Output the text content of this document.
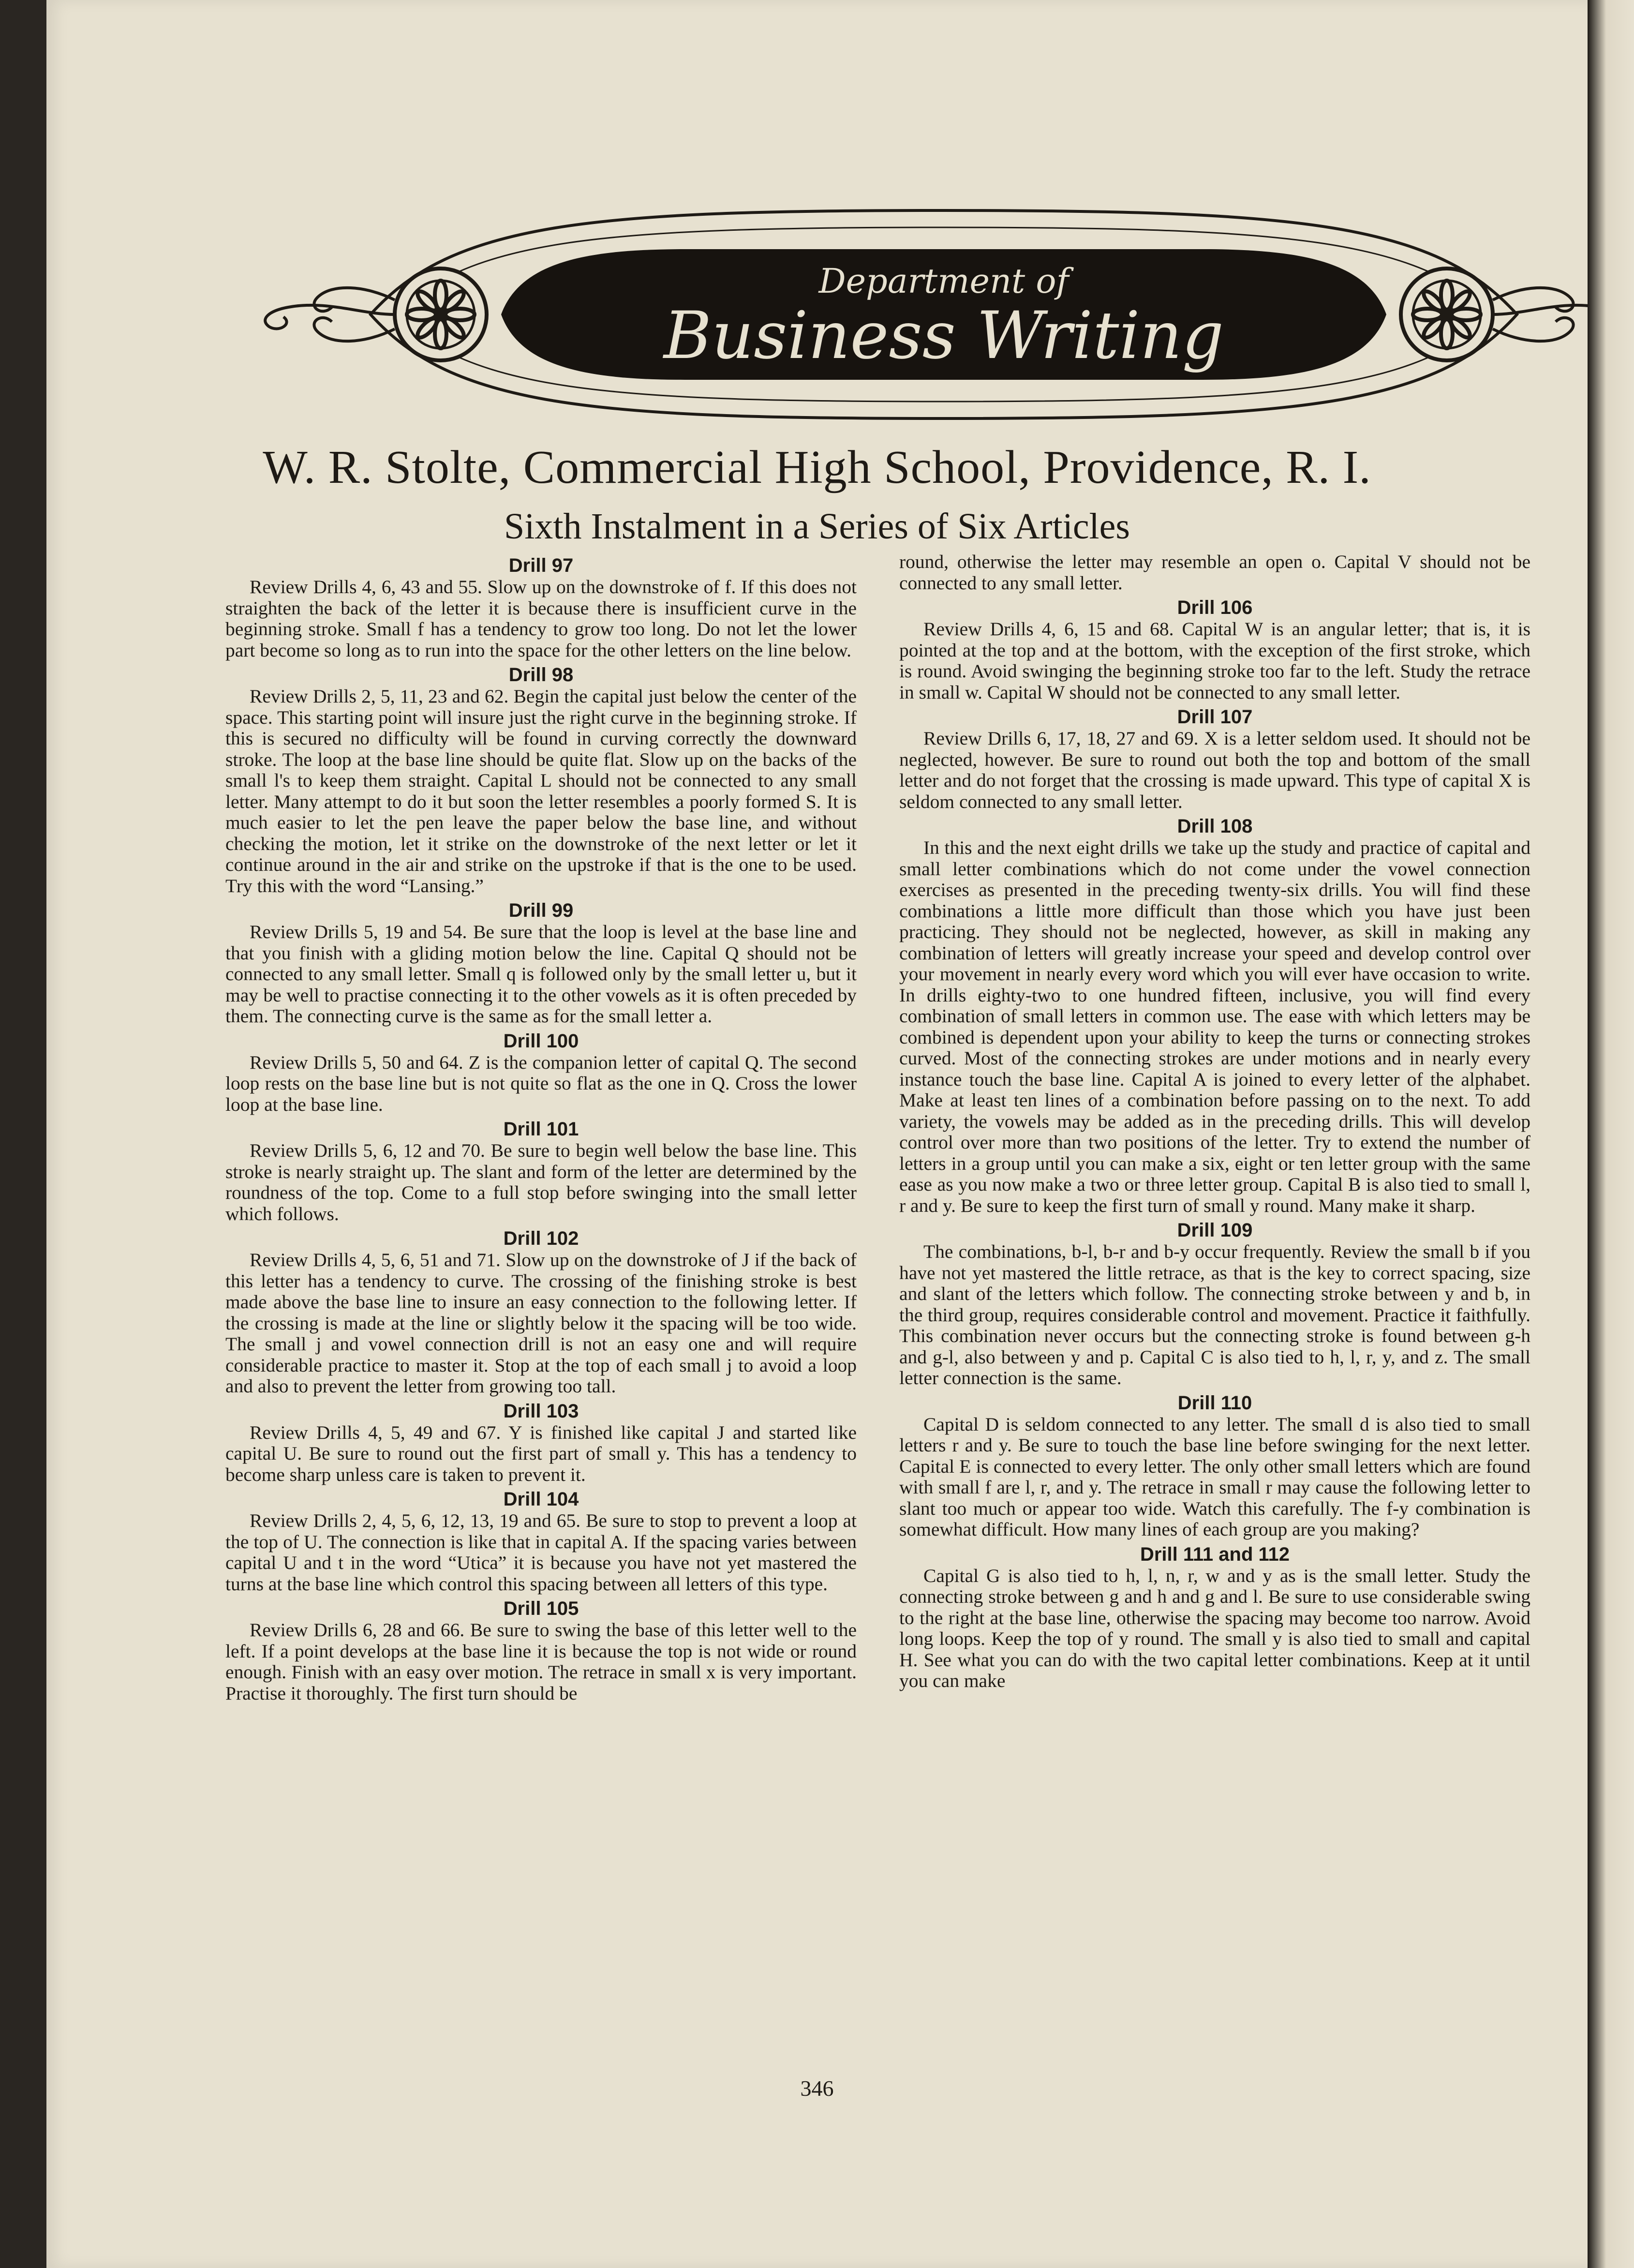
Department of
Business Writing
W. R. Stolte, Commercial High School, Providence, R. I.
Sixth Instalment in a Series of Six Articles
Drill 97

Review Drills 4, 6, 43 and 55. Slow up on the downstroke of f. If this does not straighten the back of the letter it is because there is insufficient curve in the beginning stroke. Small f has a tendency to grow too long. Do not let the lower part become so long as to run into the space for the other letters on the line below.

Drill 98

Review Drills 2, 5, 11, 23 and 62. Begin the capital just below the center of the space. This starting point will insure just the right curve in the beginning stroke. If this is secured no difficulty will be found in curving correctly the downward stroke. The loop at the base line should be quite flat. Slow up on the backs of the small l's to keep them straight. Capital L should not be connected to any small letter. Many attempt to do it but soon the letter resembles a poorly formed S. It is much easier to let the pen leave the paper below the base line, and without checking the motion, let it strike on the downstroke of the next letter or let it continue around in the air and strike on the upstroke if that is the one to be used. Try this with the word “Lansing.”

Drill 99

Review Drills 5, 19 and 54. Be sure that the loop is level at the base line and that you finish with a gliding motion below the line. Capital Q should not be connected to any small letter. Small q is followed only by the small letter u, but it may be well to practise connecting it to the other vowels as it is often preceded by them. The connecting curve is the same as for the small letter a.

Drill 100

Review Drills 5, 50 and 64. Z is the companion letter of capital Q. The second loop rests on the base line but is not quite so flat as the one in Q. Cross the lower loop at the base line.

Drill 101

Review Drills 5, 6, 12 and 70. Be sure to begin well below the base line. This stroke is nearly straight up. The slant and form of the letter are determined by the roundness of the top. Come to a full stop before swinging into the small letter which follows.

Drill 102

Review Drills 4, 5, 6, 51 and 71. Slow up on the downstroke of J if the back of this letter has a tendency to curve. The crossing of the finishing stroke is best made above the base line to insure an easy connection to the following letter. If the crossing is made at the line or slightly below it the spacing will be too wide. The small j and vowel connection drill is not an easy one and will require considerable practice to master it. Stop at the top of each small j to avoid a loop and also to prevent the letter from growing too tall.

Drill 103

Review Drills 4, 5, 49 and 67. Y is finished like capital J and started like capital U. Be sure to round out the first part of small y. This has a tendency to become sharp unless care is taken to prevent it.

Drill 104

Review Drills 2, 4, 5, 6, 12, 13, 19 and 65. Be sure to stop to prevent a loop at the top of U. The connection is like that in capital A. If the spacing varies between capital U and t in the word “Utica” it is because you have not yet mastered the turns at the base line which control this spacing between all letters of this type.

Drill 105

Review Drills 6, 28 and 66. Be sure to swing the base of this letter well to the left. If a point develops at the base line it is because the top is not wide or round enough. Finish with an easy over motion. The retrace in small x is very important. Practise it thoroughly. The first turn should be

round, otherwise the letter may resemble an open o. Capital V should not be connected to any small letter.

Drill 106

Review Drills 4, 6, 15 and 68. Capital W is an angular letter; that is, it is pointed at the top and at the bottom, with the exception of the first stroke, which is round. Avoid swinging the beginning stroke too far to the left. Study the retrace in small w. Capital W should not be connected to any small letter.

Drill 107

Review Drills 6, 17, 18, 27 and 69. X is a letter seldom used. It should not be neglected, however. Be sure to round out both the top and bottom of the small letter and do not forget that the crossing is made upward. This type of capital X is seldom connected to any small letter.

Drill 108

In this and the next eight drills we take up the study and practice of capital and small letter combinations which do not come under the vowel connection exercises as presented in the preceding twenty-six drills. You will find these combinations a little more difficult than those which you have just been practicing. They should not be neglected, however, as skill in making any combination of letters will greatly increase your speed and develop control over your movement in nearly every word which you will ever have occasion to write. In drills eighty-two to one hundred fifteen, inclusive, you will find every combination of small letters in common use. The ease with which letters may be combined is dependent upon your ability to keep the turns or connecting strokes curved. Most of the connecting strokes are under motions and in nearly every instance touch the base line. Capital A is joined to every letter of the alphabet. Make at least ten lines of a combination before passing on to the next. To add variety, the vowels may be added as in the preceding drills. This will develop control over more than two positions of the letter. Try to extend the number of letters in a group until you can make a six, eight or ten letter group with the same ease as you now make a two or three letter group. Capital B is also tied to small l, r and y. Be sure to keep the first turn of small y round. Many make it sharp.

Drill 109

The combinations, b-l, b-r and b-y occur frequently. Review the small b if you have not yet mastered the little retrace, as that is the key to correct spacing, size and slant of the letters which follow. The connecting stroke between y and b, in the third group, requires considerable control and movement. Practice it faithfully. This combination never occurs but the connecting stroke is found between g-h and g-l, also between y and p. Capital C is also tied to h, l, r, y, and z. The small letter connection is the same.

Drill 110

Capital D is seldom connected to any letter. The small d is also tied to small letters r and y. Be sure to touch the base line before swinging for the next letter. Capital E is connected to every letter. The only other small letters which are found with small f are l, r, and y. The retrace in small r may cause the following letter to slant too much or appear too wide. Watch this carefully. The f-y combination is somewhat difficult. How many lines of each group are you making?

Drill 111 and 112

Capital G is also tied to h, l, n, r, w and y as is the small letter. Study the connecting stroke between g and h and g and l. Be sure to use considerable swing to the right at the base line, otherwise the spacing may become too narrow. Avoid long loops. Keep the top of y round. The small y is also tied to small and capital H. See what you can do with the two capital letter combinations. Keep at it until you can make

346
